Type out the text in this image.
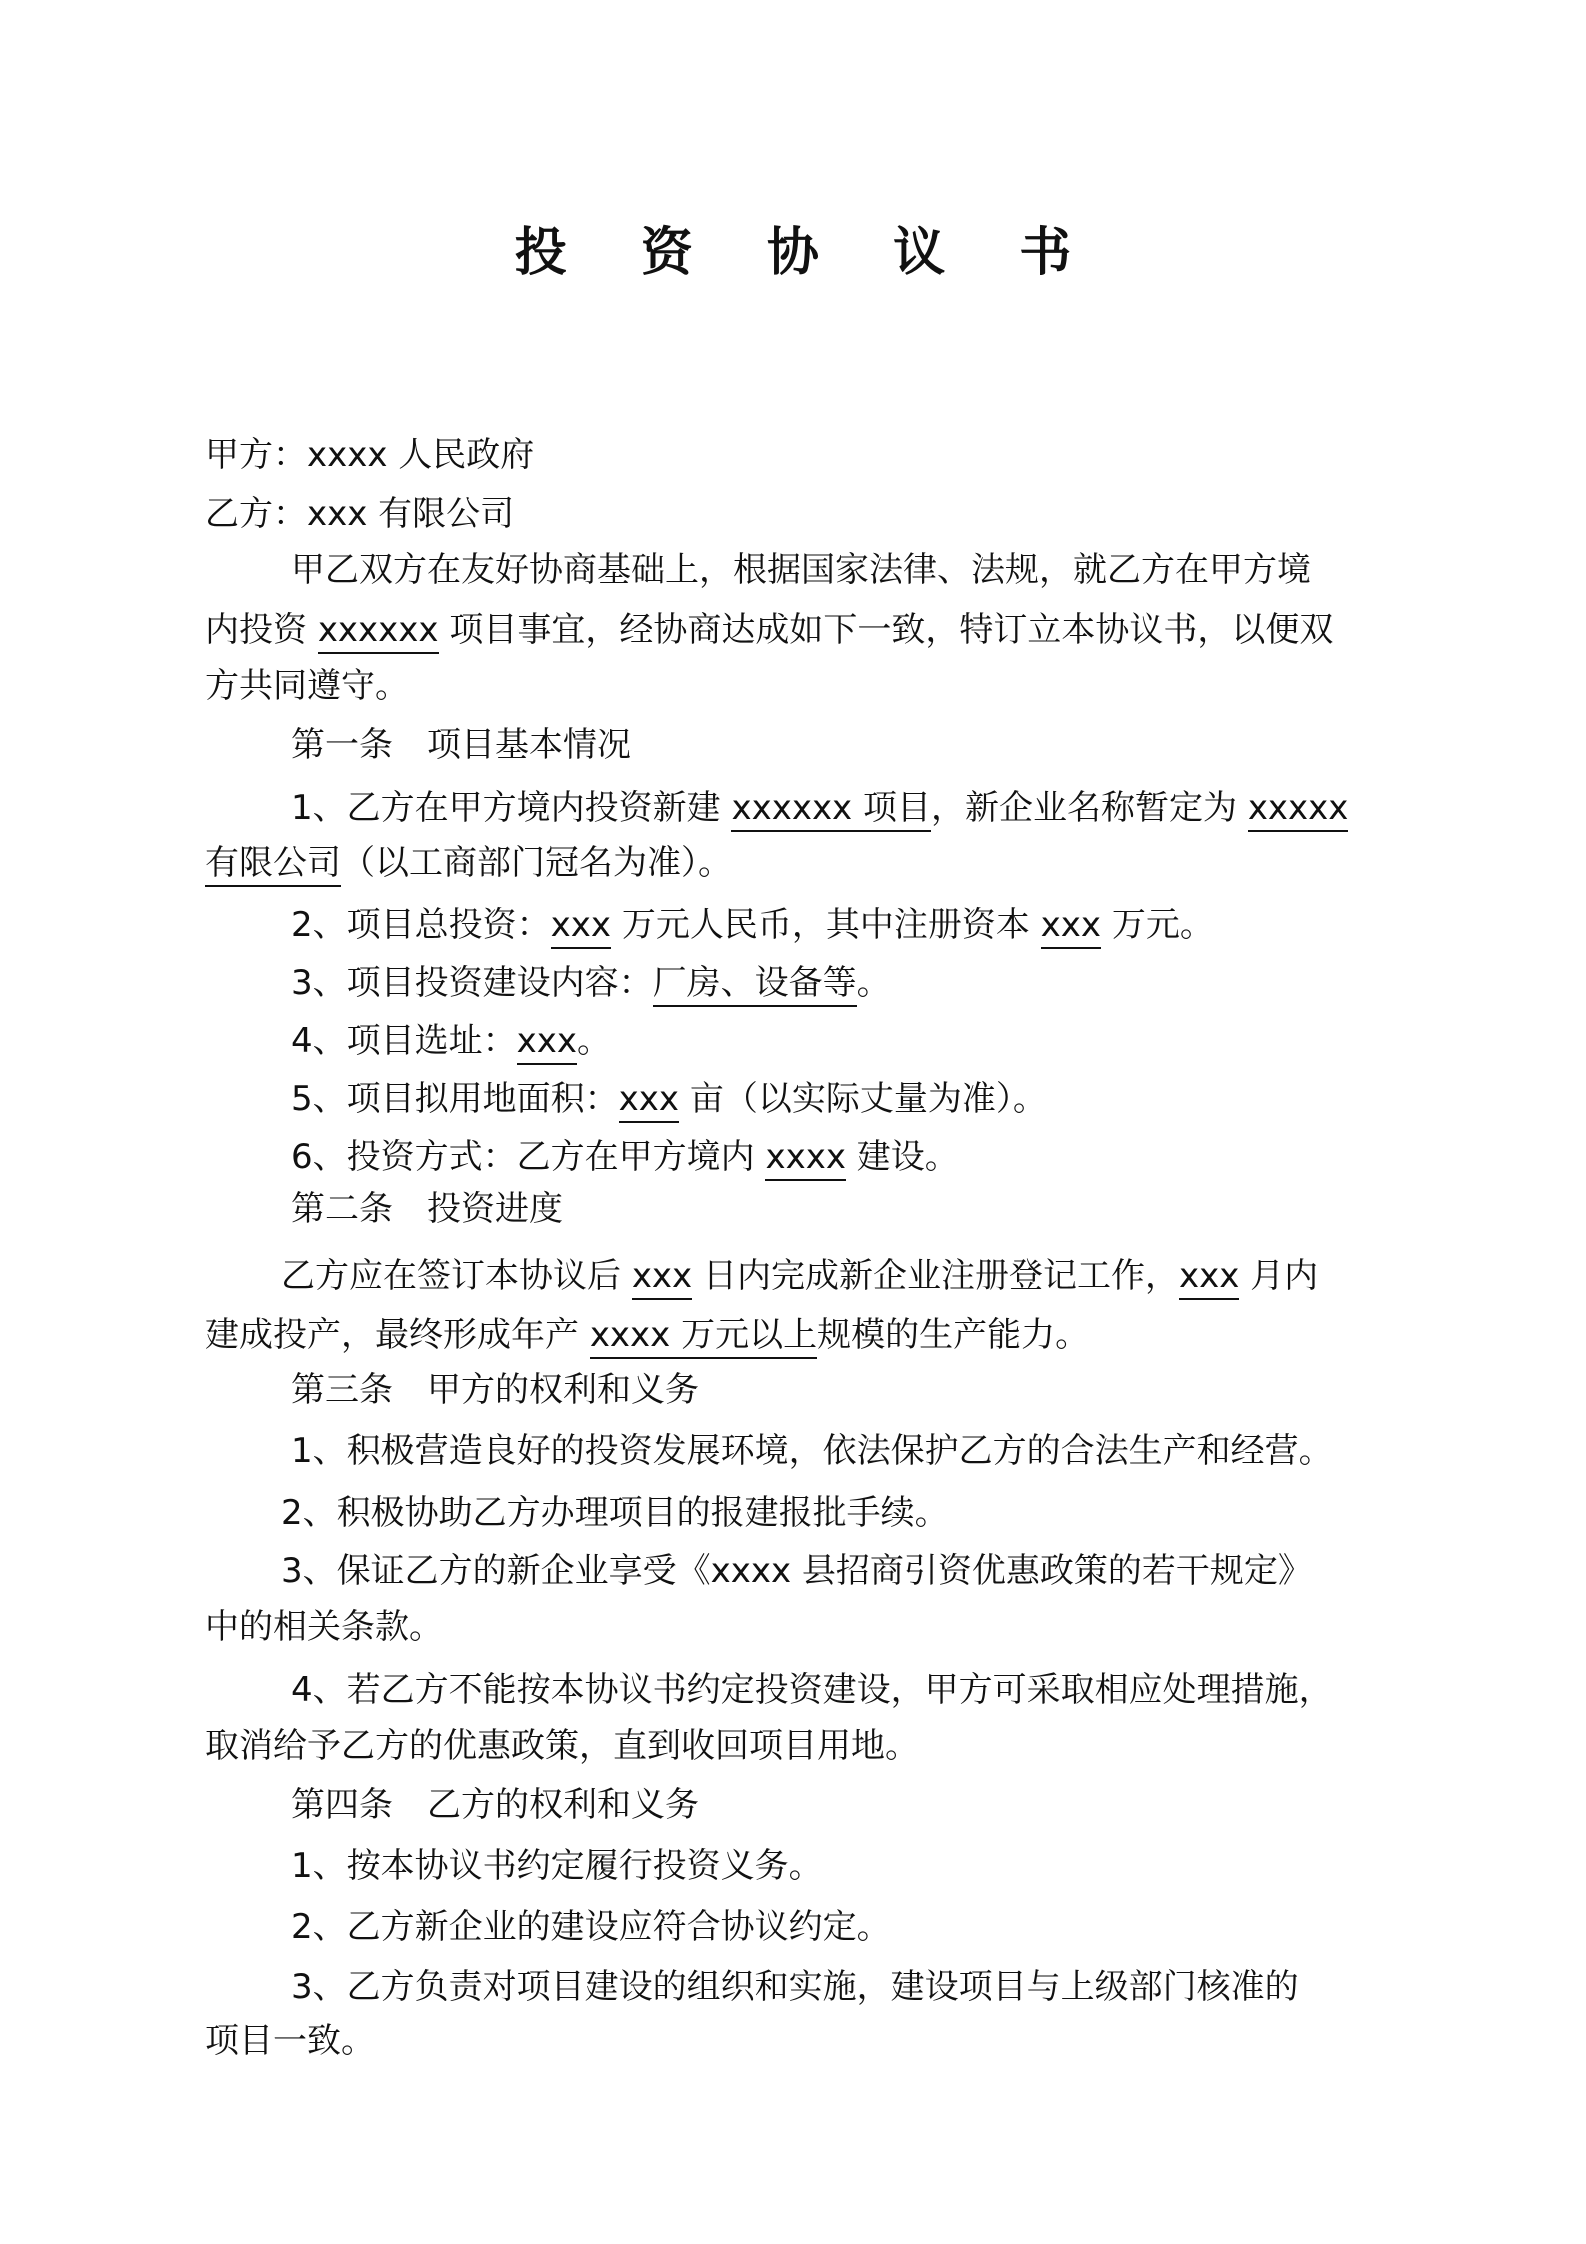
投 资 协 议 书
甲方：xxxx 人民政府
乙方：xxx 有限公司
甲乙双方在友好协商基础上，根据国家法律、法规，就乙方在甲方境
内投资 xxxxxx 项目事宜，经协商达成如下一致，特订立本协议书，以便双
方共同遵守。
第一条　项目基本情况
1、乙方在甲方境内投资新建 xxxxxx 项目，新企业名称暂定为 xxxxx
有限公司（以工商部门冠名为准）。
2、项目总投资：xxx 万元人民币，其中注册资本 xxx 万元。
3、项目投资建设内容：厂房、设备等。
4、项目选址：xxx。
5、项目拟用地面积：xxx 亩（以实际丈量为准）。
6、投资方式：乙方在甲方境内 xxxx 建设。
第二条　投资进度
乙方应在签订本协议后 xxx 日内完成新企业注册登记工作，xxx 月内
建成投产，最终形成年产 xxxx 万元以上规模的生产能力。
第三条　甲方的权利和义务
1、积极营造良好的投资发展环境，依法保护乙方的合法生产和经营。
2、积极协助乙方办理项目的报建报批手续。
3、保证乙方的新企业享受《xxxx 县招商引资优惠政策的若干规定》
中的相关条款。
4、若乙方不能按本协议书约定投资建设，甲方可采取相应处理措施，
取消给予乙方的优惠政策，直到收回项目用地。
第四条　乙方的权利和义务
1、按本协议书约定履行投资义务。
2、乙方新企业的建设应符合协议约定。
3、乙方负责对项目建设的组织和实施，建设项目与上级部门核准的
项目一致。
